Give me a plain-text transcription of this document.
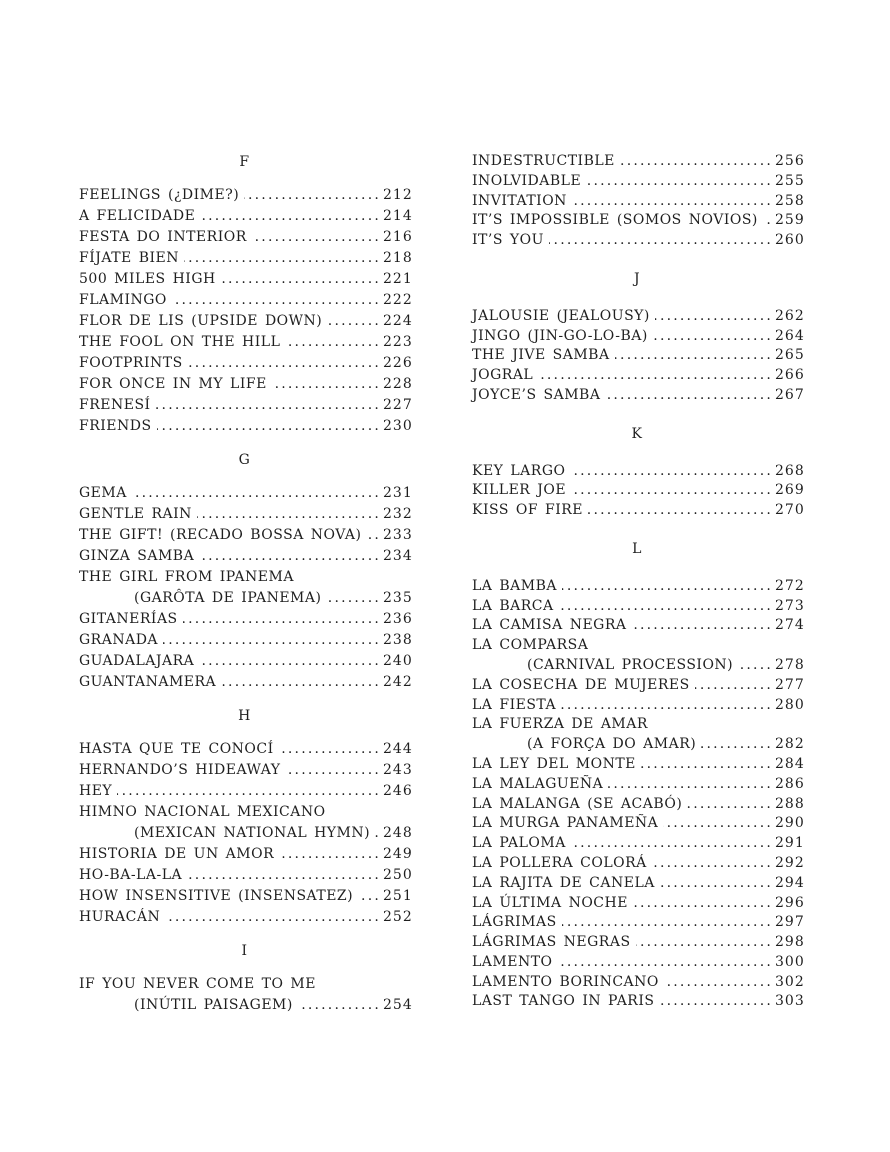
F
FEELINGS (¿DIME?) .....	212
A FELICIDADE .....	214
FESTA DO INTERIOR .....	216
FÍJATE BIEN .....	218
500 MILES HIGH .....	221
FLAMINGO .....	222
FLOR DE LIS (UPSIDE DOWN) .....	224
THE FOOL ON THE HILL .....	223
FOOTPRINTS .....	226
FOR ONCE IN MY LIFE .....	228
FRENESÍ .....	227
FRIENDS .....	230
G
GEMA .....	231
GENTLE RAIN .....	232
THE GIFT! (RECADO BOSSA NOVA) ..... 233
GINZA SAMBA .....	234
THE GIRL FROM IPANEMA
(GARÔTA DE IPANEMA) .....	235
GITANERÍAS .....	236
GRANADA .....	238
GUADALAJARA .....	240
GUANTANAMERA .....	242
H
HASTA QUE TE CONOCÍ .....	244
HERNANDO’S HIDEAWAY .....	243
HEY .....	246
HIMNO NACIONAL MEXICANO
(MEXICAN NATIONAL HYMN) ..... 248
HISTORIA DE UN AMOR .....	249
HO-BA-LA-LA .....	250
HOW INSENSITIVE (INSENSATEZ) ..... 251
HURACÁN .....	252
I
IF YOU NEVER COME TO ME
(INÚTIL PAISAGEM) .....	254
INDESTRUCTIBLE .....	256
INOLVIDABLE .....	255
INVITATION .....	258
IT’S IMPOSSIBLE (SOMOS NOVIOS) ..... 259
IT’S YOU .....	260
J
JALOUSIE (JEALOUSY) .....	262
JINGO (JIN-GO-LO-BA) .....	264
THE JIVE SAMBA .....	265
JOGRAL .....	266
JOYCE’S SAMBA .....	267
K
KEY LARGO .....	268
KILLER JOE .....	269
KISS OF FIRE .....	270
L
LA BAMBA .....	272
LA BARCA .....	273
LA CAMISA NEGRA .....	274
LA COMPARSA
(CARNIVAL PROCESSION) .....	278
LA COSECHA DE MUJERES .....	277
LA FIESTA .....	280
LA FUERZA DE AMAR
(A FORÇA DO AMAR) .....	282
LA LEY DEL MONTE .....	284
LA MALAGUEÑA .....	286
LA MALANGA (SE ACABÓ) .....	288
LA MURGA PANAMEÑA .....	290
LA PALOMA .....	291
LA POLLERA COLORÁ .....	292
LA RAJITA DE CANELA .....	294
LA ÚLTIMA NOCHE .....	296
LÁGRIMAS .....	297
LÁGRIMAS NEGRAS .....	298
LAMENTO .....	300
LAMENTO BORINCANO .....	302
LAST TANGO IN PARIS .....	303
